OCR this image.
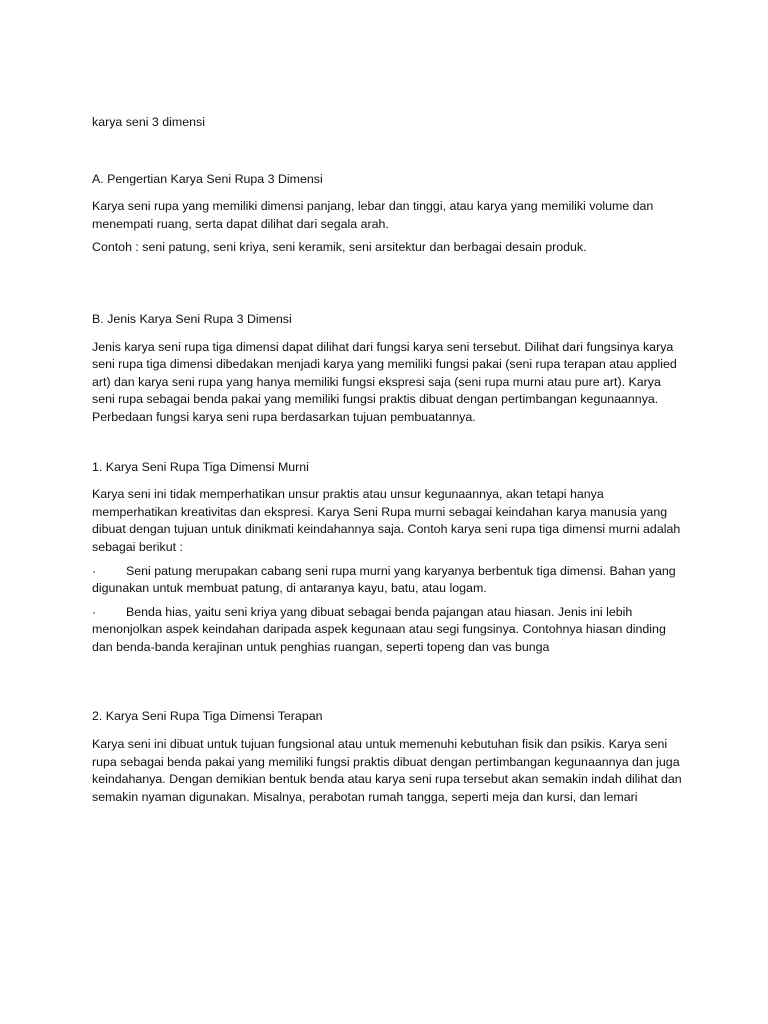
karya seni 3 dimensi

A. Pengertian Karya Seni Rupa 3 Dimensi

Karya seni rupa yang memiliki dimensi panjang, lebar dan tinggi, atau karya yang memiliki volume dan menempati ruang, serta dapat dilihat dari segala arah.

Contoh : seni patung, seni kriya, seni keramik, seni arsitektur dan berbagai desain produk.

B. Jenis Karya Seni Rupa 3 Dimensi

Jenis karya seni rupa tiga dimensi dapat dilihat dari fungsi karya seni tersebut. Dilihat dari fungsinya karya seni rupa tiga dimensi dibedakan menjadi karya yang memiliki fungsi pakai (seni rupa terapan atau applied art) dan karya seni rupa yang hanya memiliki fungsi ekspresi saja (seni rupa murni atau pure art). Karya seni rupa sebagai benda pakai yang memiliki fungsi praktis dibuat dengan pertimbangan kegunaannya. Perbedaan fungsi karya seni rupa berdasarkan tujuan pembuatannya.

1. Karya Seni Rupa Tiga Dimensi Murni

Karya seni ini tidak memperhatikan unsur praktis atau unsur kegunaannya, akan tetapi hanya memperhatikan kreativitas dan ekspresi. Karya Seni Rupa murni sebagai keindahan karya manusia yang dibuat dengan tujuan untuk dinikmati keindahannya saja. Contoh karya seni rupa tiga dimensi murni adalah sebagai berikut :

· Seni patung merupakan cabang seni rupa murni yang karyanya berbentuk tiga dimensi. Bahan yang digunakan untuk membuat patung, di antaranya kayu, batu, atau logam.

· Benda hias, yaitu seni kriya yang dibuat sebagai benda pajangan atau hiasan. Jenis ini lebih menonjolkan aspek keindahan daripada aspek kegunaan atau segi fungsinya. Contohnya hiasan dinding dan benda-banda kerajinan untuk penghias ruangan, seperti topeng dan vas bunga

2. Karya Seni Rupa Tiga Dimensi Terapan

Karya seni ini dibuat untuk tujuan fungsional atau untuk memenuhi kebutuhan fisik dan psikis. Karya seni rupa sebagai benda pakai yang memiliki fungsi praktis dibuat dengan pertimbangan kegunaannya dan juga keindahanya. Dengan demikian bentuk benda atau karya seni rupa tersebut akan semakin indah dilihat dan semakin nyaman digunakan. Misalnya, perabotan rumah tangga, seperti meja dan kursi, dan lemari
